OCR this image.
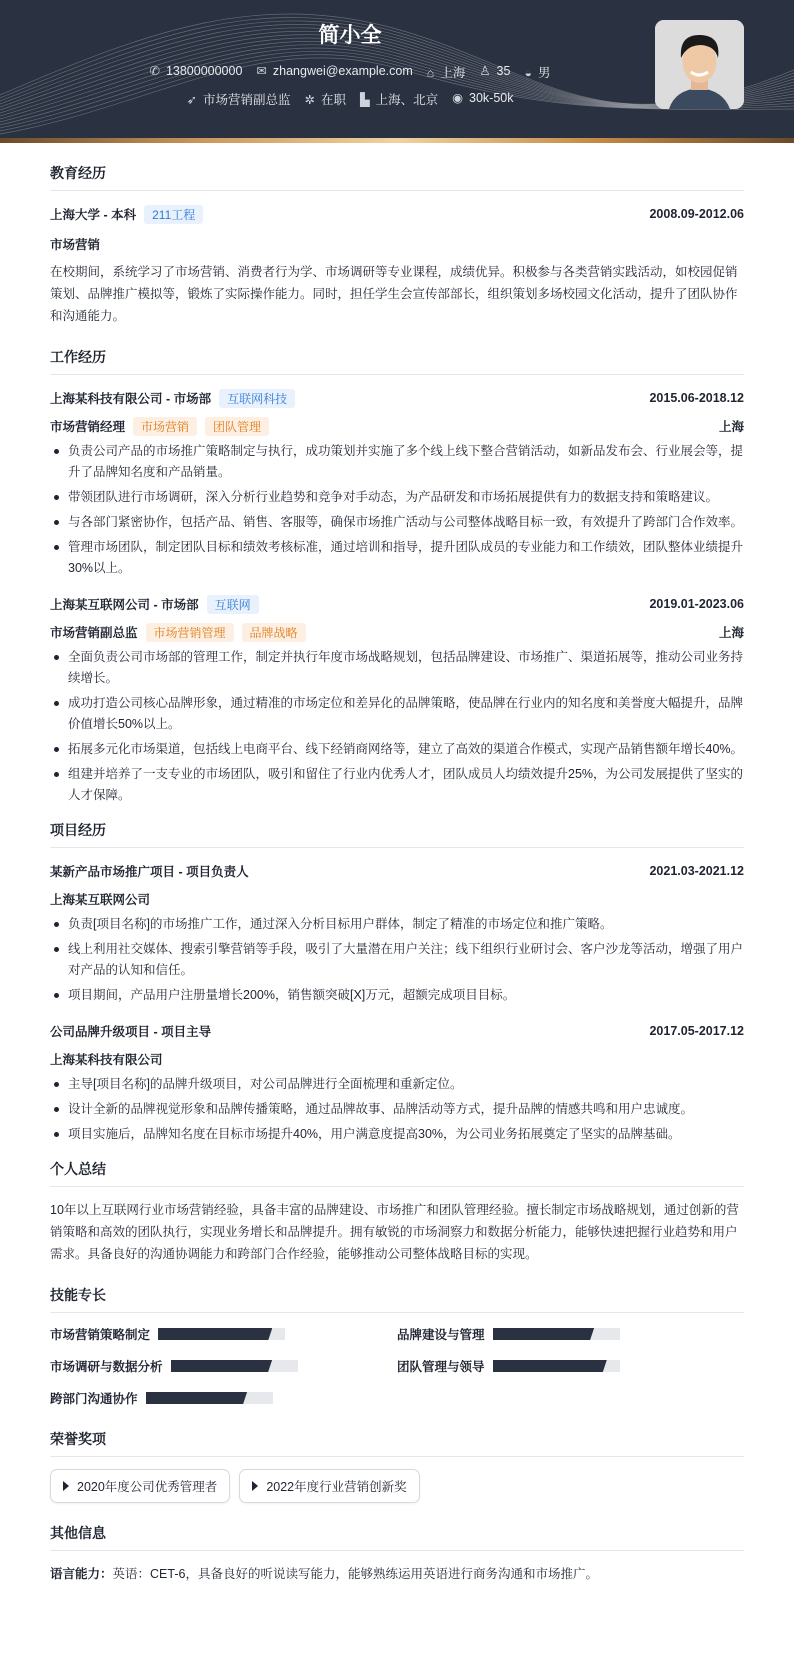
简小全
✆ 13800000000 ✉ zhangwei@example.com ⌂ 上海 ♙ 35 ◒ 男
➶ 市场营销副总监 ✲ 在职 ▙ 上海、北京 ◉ 30k-50k
教育经历
上海大学 - 本科 211工程	2008.09-2012.06
市场营销

在校期间，系统学习了市场营销、消费者行为学、市场调研等专业课程，成绩优异。积极参与各类营销实践活动，如校园促销策划、品牌推广模拟等，锻炼了实际操作能力。同时，担任学生会宣传部部长，组织策划多场校园文化活动，提升了团队协作和沟通能力。

工作经历
上海某科技有限公司 - 市场部 互联网科技	2015.06-2018.12
市场营销经理 市场营销 团队管理	上海
负责公司产品的市场推广策略制定与执行，成功策划并实施了多个线上线下整合营销活动，如新品发布会、行业展会等，提升了品牌知名度和产品销量。
带领团队进行市场调研，深入分析行业趋势和竞争对手动态，为产品研发和市场拓展提供有力的数据支持和策略建议。
与各部门紧密协作，包括产品、销售、客服等，确保市场推广活动与公司整体战略目标一致，有效提升了跨部门合作效率。
管理市场团队，制定团队目标和绩效考核标准，通过培训和指导，提升团队成员的专业能力和工作绩效，团队整体业绩提升30%以上。
上海某互联网公司 - 市场部 互联网	2019.01-2023.06
市场营销副总监 市场营销管理 品牌战略	上海
全面负责公司市场部的管理工作，制定并执行年度市场战略规划，包括品牌建设、市场推广、渠道拓展等，推动公司业务持续增长。
成功打造公司核心品牌形象，通过精准的市场定位和差异化的品牌策略，使品牌在行业内的知名度和美誉度大幅提升，品牌价值增长50%以上。
拓展多元化市场渠道，包括线上电商平台、线下经销商网络等，建立了高效的渠道合作模式，实现产品销售额年增长40%。
组建并培养了一支专业的市场团队，吸引和留住了行业内优秀人才，团队成员人均绩效提升25%，为公司发展提供了坚实的人才保障。
项目经历
某新产品市场推广项目 - 项目负责人	2021.03-2021.12
上海某互联网公司
负责[项目名称]的市场推广工作，通过深入分析目标用户群体，制定了精准的市场定位和推广策略。
线上利用社交媒体、搜索引擎营销等手段，吸引了大量潜在用户关注；线下组织行业研讨会、客户沙龙等活动，增强了用户对产品的认知和信任。
项目期间，产品用户注册量增长200%，销售额突破[X]万元，超额完成项目目标。
公司品牌升级项目 - 项目主导	2017.05-2017.12
上海某科技有限公司
主导[项目名称]的品牌升级项目，对公司品牌进行全面梳理和重新定位。
设计全新的品牌视觉形象和品牌传播策略，通过品牌故事、品牌活动等方式，提升品牌的情感共鸣和用户忠诚度。
项目实施后，品牌知名度在目标市场提升40%，用户满意度提高30%，为公司业务拓展奠定了坚实的品牌基础。
个人总结

10年以上互联网行业市场营销经验，具备丰富的品牌建设、市场推广和团队管理经验。擅长制定市场战略规划，通过创新的营销策略和高效的团队执行，实现业务增长和品牌提升。拥有敏锐的市场洞察力和数据分析能力，能够快速把握行业趋势和用户需求。具备良好的沟通协调能力和跨部门合作经验，能够推动公司整体战略目标的实现。

技能专长
市场营销策略制定	品牌建设与管理
市场调研与数据分析	团队管理与领导
跨部门沟通协作
荣誉奖项
2020年度公司优秀管理者	2022年度行业营销创新奖
其他信息

语言能力：英语：CET-6，具备良好的听说读写能力，能够熟练运用英语进行商务沟通和市场推广。
